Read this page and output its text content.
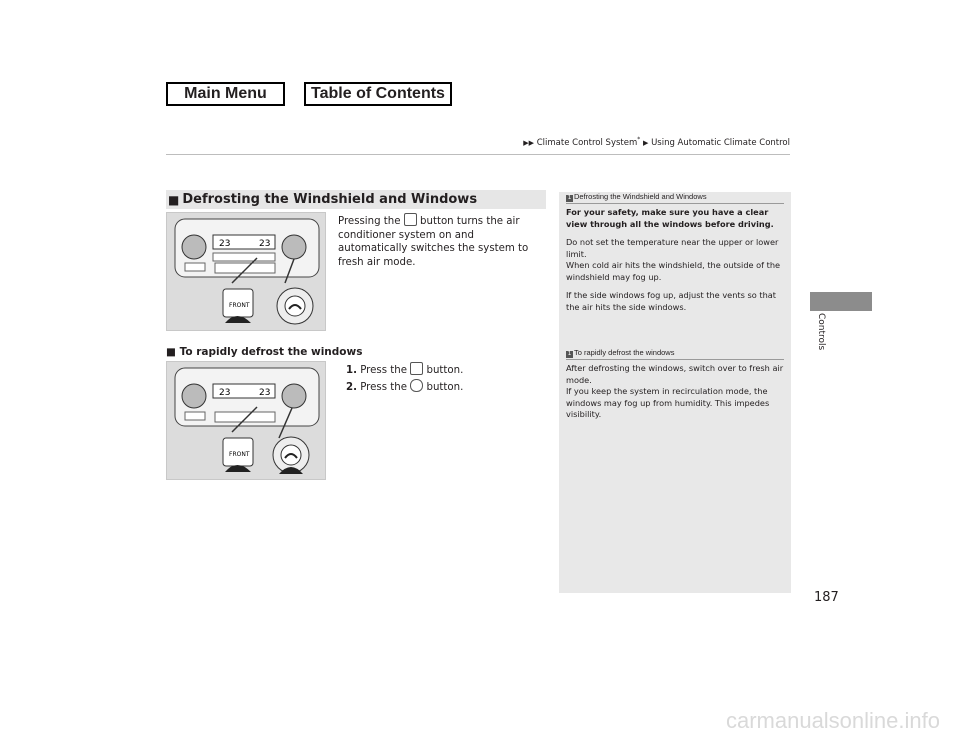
Main Menu	Table of Contents
▶▶ Climate Control System* ▶ Using Automatic Climate Control
■ Defrosting the Windshield and Windows
23	23
FRONT
Pressing the button turns the air conditioner system on and automatically switches the system to fresh air mode.
■ To rapidly defrost the windows
23	23
FRONT
1. Press the button.
2. Press the button.
1 Defrosting the Windshield and Windows

For your safety, make sure you have a clear view through all the windows before driving.

Do not set the temperature near the upper or lower limit.

When cold air hits the windshield, the outside of the windshield may fog up.

If the side windows fog up, adjust the vents so that the air hits the side windows.

1 To rapidly defrost the windows

After defrosting the windows, switch over to fresh air mode.

If you keep the system in recirculation mode, the windows may fog up from humidity. This impedes visibility.

Controls
187
carmanualsonline.info
